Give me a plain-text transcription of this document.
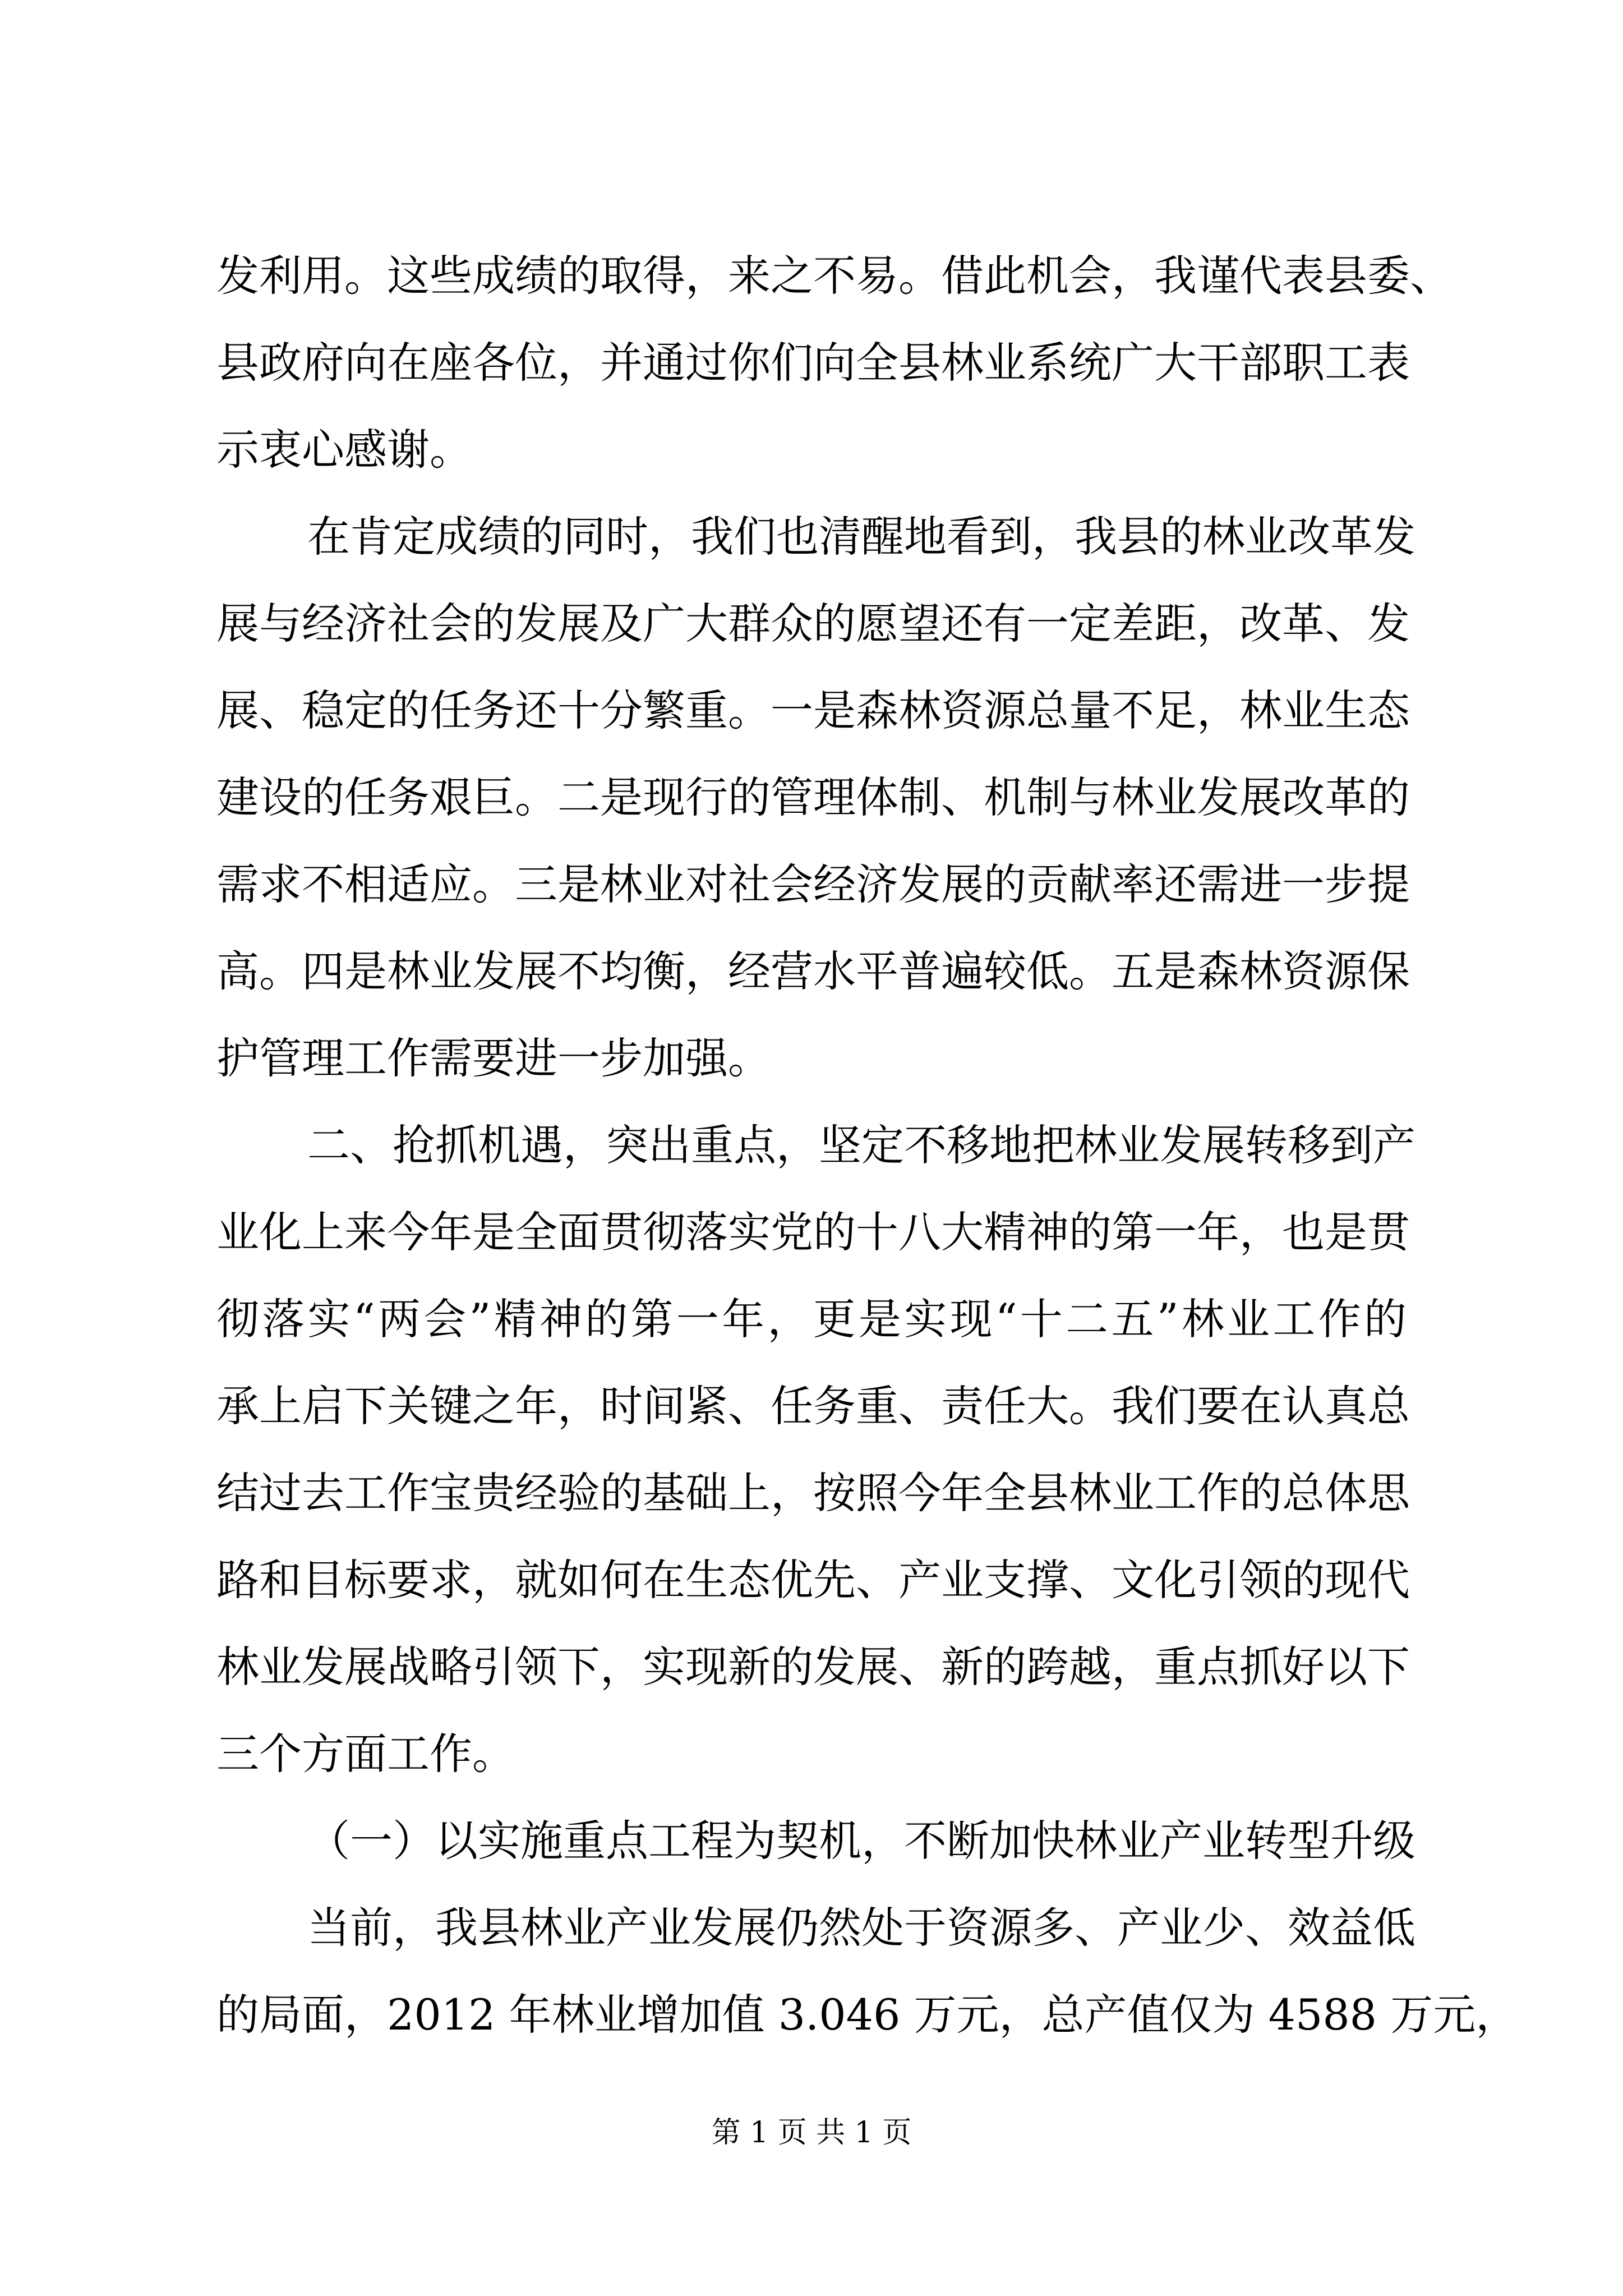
发利用。这些成绩的取得，来之不易。借此机会，我谨代表县委、
县政府向在座各位，并通过你们向全县林业系统广大干部职工表
示衷心感谢。
在肯定成绩的同时，我们也清醒地看到，我县的林业改革发
展与经济社会的发展及广大群众的愿望还有一定差距，改革、发
展、稳定的任务还十分繁重。一是森林资源总量不足，林业生态
建设的任务艰巨。二是现行的管理体制、机制与林业发展改革的
需求不相适应。三是林业对社会经济发展的贡献率还需进一步提
高。四是林业发展不均衡，经营水平普遍较低。五是森林资源保
护管理工作需要进一步加强。
二、抢抓机遇，突出重点，坚定不移地把林业发展转移到产
业化上来今年是全面贯彻落实党的十八大精神的第一年，也是贯
彻落实“两会”精神的第一年，更是实现“十二五”林业工作的
承上启下关键之年，时间紧、任务重、责任大。我们要在认真总
结过去工作宝贵经验的基础上，按照今年全县林业工作的总体思
路和目标要求，就如何在生态优先、产业支撑、文化引领的现代
林业发展战略引领下，实现新的发展、新的跨越，重点抓好以下
三个方面工作。
（一）以实施重点工程为契机，不断加快林业产业转型升级
当前，我县林业产业发展仍然处于资源多、产业少、效益低
的局面，2012 年林业增加值 3.046 万元，总产值仅为 4588 万元，
第 1 页 共 1 页
